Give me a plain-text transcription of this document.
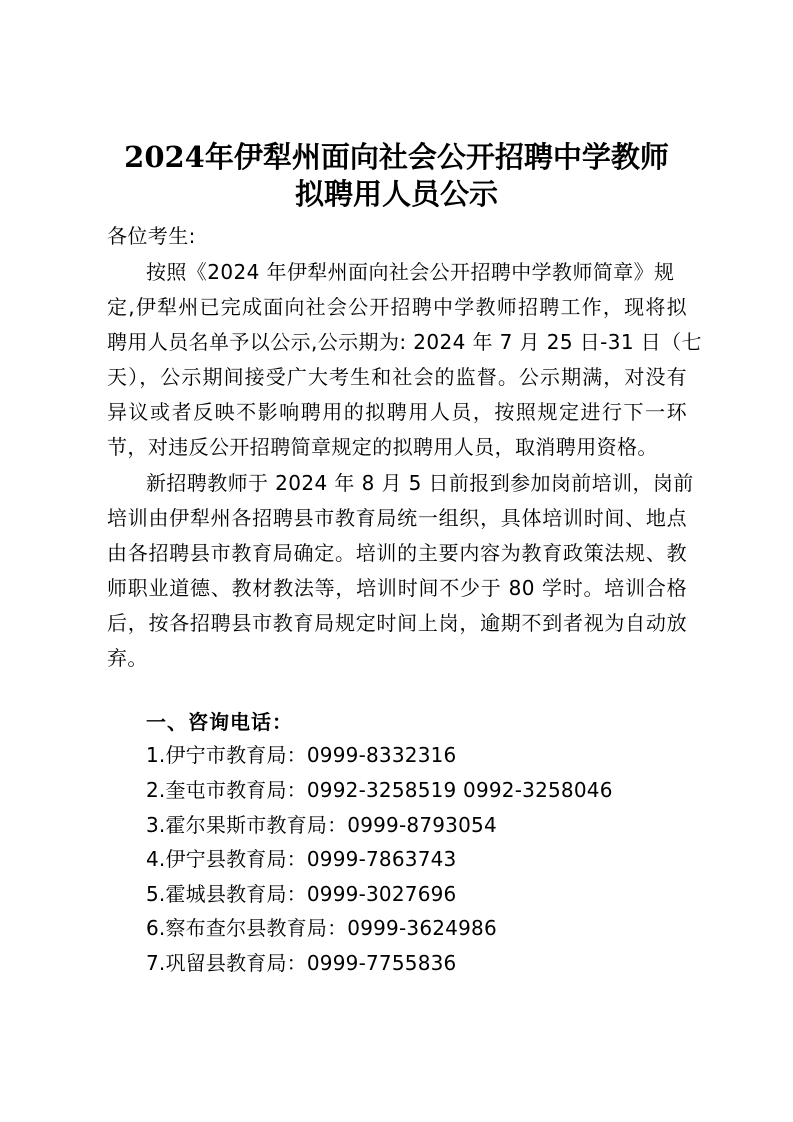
2024年伊犁州面向社会公开招聘中学教师
拟聘用人员公示
各位考生:
按照《2024 年伊犁州面向社会公开招聘中学教师简章》规
定,伊犁州已完成面向社会公开招聘中学教师招聘工作，现将拟
聘用人员名单予以公示,公示期为: 2024 年 7 月 25 日-31 日（七
天），公示期间接受广大考生和社会的监督。公示期满，对没有
异议或者反映不影响聘用的拟聘用人员，按照规定进行下一环
节，对违反公开招聘简章规定的拟聘用人员，取消聘用资格。
新招聘教师于 2024 年 8 月 5 日前报到参加岗前培训，岗前
培训由伊犁州各招聘县市教育局统一组织，具体培训时间、地点
由各招聘县市教育局确定。培训的主要内容为教育政策法规、教
师职业道德、教材教法等，培训时间不少于 80 学时。培训合格
后，按各招聘县市教育局规定时间上岗，逾期不到者视为自动放
弃。
一、咨询电话：
1.伊宁市教育局：0999-8332316
2.奎屯市教育局：0992-3258519 0992-3258046
3.霍尔果斯市教育局：0999-8793054
4.伊宁县教育局：0999-7863743
5.霍城县教育局：0999-3027696
6.察布查尔县教育局：0999-3624986
7.巩留县教育局：0999-7755836
